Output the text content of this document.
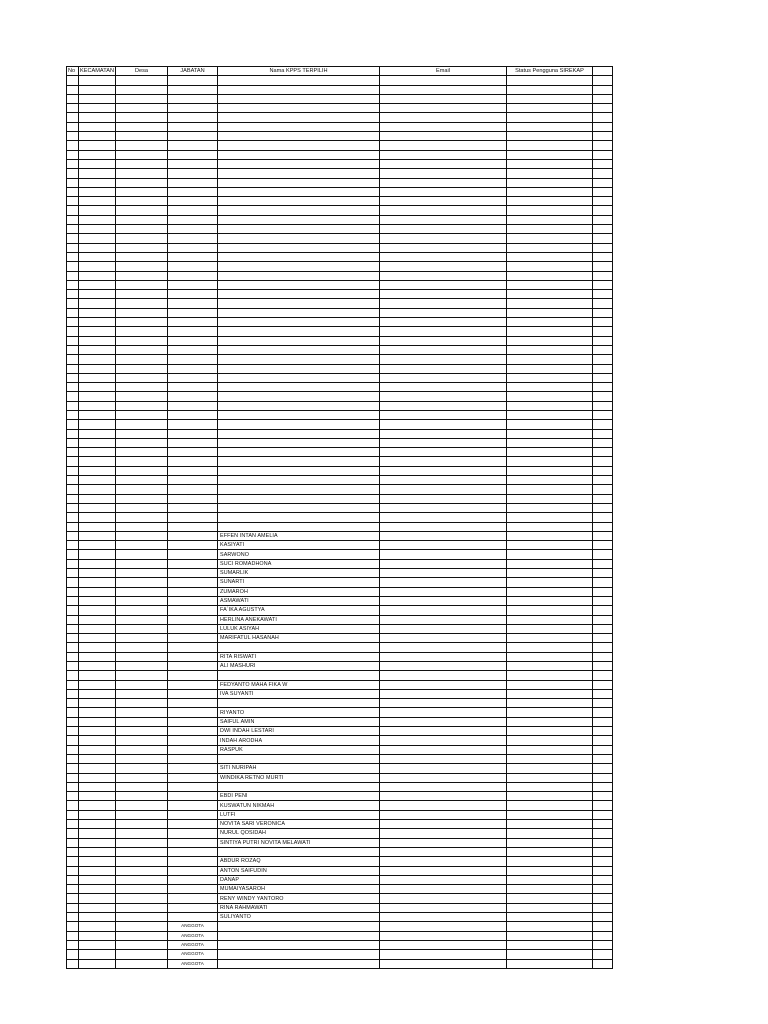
No	KECAMATAN	Desa	JABATAN	Nama KPPS TERPILIH	Email	Status Pengguna SIREKAP	

				EFFEN INTAN AMELIA			
				KASIYATI			
				SARWONO			
				SUCI ROMADHONA			
				SUMARLIK			
				SUNARTI			
				ZUMAROH			
				ASMAWATI			
				FA`IKA AGUSTYA			
				HERLINA ANEKAWATI			
				LULUK ASIYAH			
				MARIFATUL HASANAH			

				RITA RISWATI			
				ALI MASHURI			

				FEDYANTO MAHA FIKA W			
				IVA SUYANTI			

				RIYANTO			
				SAIFUL AMIN			
				DWI INDAH LESTARI			
				INDAH ARODHA			
				RASPUK			

				SITI NURIPAH			
				WINDIKA RETNO MURTI			

				EBDI PENI			
				KUSWATUN NIKMAH			
				LUTFI			
				NOVITA SARI VERONICA			
				NURUL QOSIDAH			
				SINTIYA PUTRI NOVITA MELAWATI			

				ABDUR ROZAQ			
				ANTON SAIFUDIN			
				DANAP			
				MUMAIYASAROH			
				RENY WINDY YANTORO			
				RINA RAHMAWATI			
				SULIYANTO			
			ANGGOTA				
			ANGGOTA				
			ANGGOTA				
			ANGGOTA				
			ANGGOTA				
